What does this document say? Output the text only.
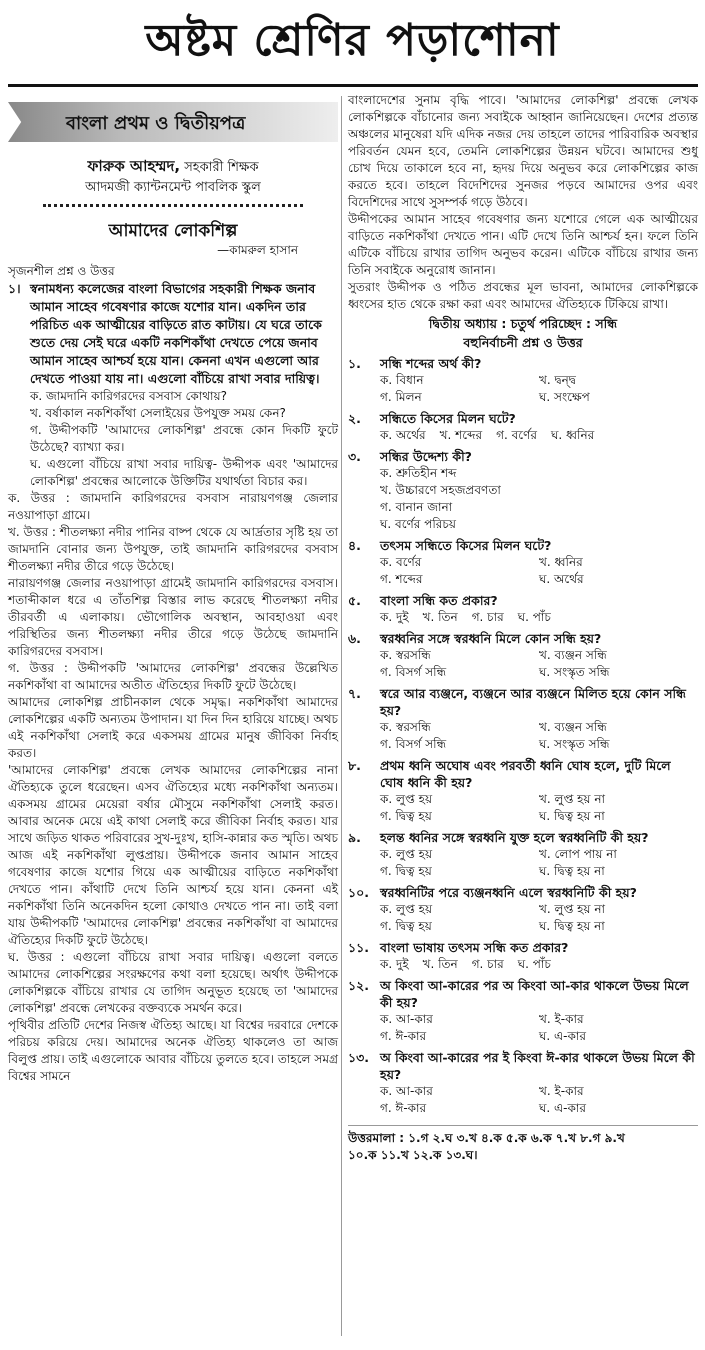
অষ্টম শ্রেণির পড়াশোনা
বাংলা প্রথম ও দ্বিতীয়পত্র
ফারুক আহম্মদ, সহকারী শিক্ষক
আদমজী ক্যান্টনমেন্ট পাবলিক স্কুল
আমাদের লোকশিল্প
—কামরুল হাসান
সৃজনশীল প্রশ্ন ও উত্তর
১। স্বনামধন্য কলেজের বাংলা বিভাগের সহকারী শিক্ষক জনাব আমান সাহেব গবেষণার কাজে যশোর যান। একদিন তার পরিচিত এক আত্মীয়ের বাড়িতে রাত কাটায়। যে ঘরে তাকে শুতে দেয় সেই ঘরে একটি নকশিকাঁথা দেখতে পেয়ে জনাব আমান সাহেব আশ্চর্য হয়ে যান। কেননা এখন এগুলো আর দেখতে পাওয়া যায় না। এগুলো বাঁচিয়ে রাখা সবার দায়িত্ব।
ক. জামদানি কারিগরদের বসবাস কোথায়?
খ. বর্ষাকাল নকশিকাঁথা সেলাইয়ের উপযুক্ত সময় কেন?
গ. উদ্দীপকটি 'আমাদের লোকশিল্প' প্রবন্ধে কোন দিকটি ফুটে উঠেছে? ব্যাখ্যা কর।
ঘ. এগুলো বাঁচিয়ে রাখা সবার দায়িত্ব- উদ্দীপক এবং 'আমাদের লোকশিল্প' প্রবন্ধের আলোকে উক্তিটির যথার্থতা বিচার কর।

ক. উত্তর : জামদানি কারিগরদের বসবাস নারায়ণগঞ্জ জেলার নওয়াপাড়া গ্রামে।

খ. উত্তর : শীতলক্ষ্যা নদীর পানির বাষ্প থেকে যে আর্দ্রতার সৃষ্টি হয় তা জামদানি বোনার জন্য উপযুক্ত, তাই জামদানি কারিগরদের বসবাস শীতলক্ষ্যা নদীর তীরে গড়ে উঠেছে।

নারায়ণগঞ্জ জেলার নওয়াপাড়া গ্রামেই জামদানি কারিগরদের বসবাস। শতাব্দীকাল ধরে এ তাঁতশিল্প বিস্তার লাভ করেছে শীতলক্ষ্যা নদীর তীরবর্তী এ এলাকায়। ভৌগোলিক অবস্থান, আবহাওয়া এবং পরিস্থিতির জন্য শীতলক্ষ্যা নদীর তীরে গড়ে উঠেছে জামদানি কারিগরদের বসবাস।

গ. উত্তর : উদ্দীপকটি 'আমাদের লোকশিল্প' প্রবন্ধের উল্লেখিত নকশিকাঁথা বা আমাদের অতীত ঐতিহ্যের দিকটি ফুটে উঠেছে।

আমাদের লোকশিল্প প্রাচীনকাল থেকে সমৃদ্ধ। নকশিকাঁথা আমাদের লোকশিল্পের একটি অন্যতম উপাদান। যা দিন দিন হারিয়ে যাচ্ছে। অথচ এই নকশিকাঁথা সেলাই করে একসময় গ্রামের মানুষ জীবিকা নির্বাহ করত।

'আমাদের লোকশিল্প' প্রবন্ধে লেখক আমাদের লোকশিল্পের নানা ঐতিহ্যকে তুলে ধরেছেন। এসব ঐতিহ্যের মধ্যে নকশিকাঁথা অন্যতম। একসময় গ্রামের মেয়েরা বর্ষার মৌসুমে নকশিকাঁথা সেলাই করত। আবার অনেক মেয়ে এই কাথা সেলাই করে জীবিকা নির্বাহ করত। যার সাথে জড়িত থাকত পরিবারের সুখ-দুঃখ, হাসি-কান্নার কত স্মৃতি। অথচ আজ এই নকশিকাঁথা লুপ্তপ্রায়। উদ্দীপকে জনাব আমান সাহেব গবেষণার কাজে যশোর গিয়ে এক আত্মীয়ের বাড়িতে নকশিকাঁথা দেখতে পান। কাঁথাটি দেখে তিনি আশ্চর্য হয়ে যান। কেননা এই নকশিকাঁথা তিনি অনেকদিন হলো কোথাও দেখতে পান না। তাই বলা যায় উদ্দীপকটি 'আমাদের লোকশিল্প' প্রবন্ধের নকশিকাঁথা বা আমাদের ঐতিহ্যের দিকটি ফুটে উঠেছে।

ঘ. উত্তর : এগুলো বাঁচিয়ে রাখা সবার দায়িত্ব। এগুলো বলতে আমাদের লোকশিল্পের সংরক্ষণের কথা বলা হয়েছে। অর্থাৎ উদ্দীপকে লোকশিল্পকে বাঁচিয়ে রাখার যে তাগিদ অনুভূত হয়েছে তা 'আমাদের লোকশিল্প' প্রবন্ধে লেখকের বক্তব্যকে সমর্থন করে।

পৃথিবীর প্রতিটি দেশের নিজস্ব ঐতিহ্য আছে। যা বিশ্বের দরবারে দেশকে পরিচয় করিয়ে দেয়। আমাদের অনেক ঐতিহ্য থাকলেও তা আজ বিলুপ্ত প্রায়। তাই এগুলোকে আবার বাঁচিয়ে তুলতে হবে। তাহলে সমগ্র বিশ্বের সামনে

বাংলাদেশের সুনাম বৃদ্ধি পাবে। 'আমাদের লোকশিল্প' প্রবন্ধে লেখক লোকশিল্পকে বাঁচানোর জন্য সবাইকে আহ্বান জানিয়েছেন। দেশের প্রত্যন্ত অঞ্চলের মানুষেরা যদি এদিক নজর দেয় তাহলে তাদের পারিবারিক অবস্থার পরিবর্তন যেমন হবে, তেমনি লোকশিল্পের উন্নয়ন ঘটবে। আমাদের শুধু চোখ দিয়ে তাকালে হবে না, হৃদয় দিয়ে অনুভব করে লোকশিল্পের কাজ করতে হবে। তাহলে বিদেশিদের সুনজর পড়বে আমাদের ওপর এবং বিদেশিদের সাথে সুসম্পর্ক গড়ে উঠবে।

উদ্দীপকের আমান সাহেব গবেষণার জন্য যশোরে গেলে এক আত্মীয়ের বাড়িতে নকশিকাঁথা দেখতে পান। এটি দেখে তিনি আশ্চর্য হন। ফলে তিনি এটিকে বাঁচিয়ে রাখার তাগিদ অনুভব করেন। এটিকে বাঁচিয়ে রাখার জন্য তিনি সবাইকে অনুরোধ জানান।

সুতরাং উদ্দীপক ও পঠিত প্রবন্ধের মূল ভাবনা, আমাদের লোকশিল্পকে ধ্বংসের হাত থেকে রক্ষা করা এবং আমাদের ঐতিহ্যকে টিকিয়ে রাখা।

দ্বিতীয় অধ্যায় : চতুর্থ পরিচ্ছেদ : সন্ধি
বহুনির্বাচনী প্রশ্ন ও উত্তর
১.	সন্ধি শব্দের অর্থ কী?
ক. বিধান	খ. দ্বন্দ্ব
গ. মিলন	ঘ. সংক্ষেপ
২.	সন্ধিতে কিসের মিলন ঘটে?
ক. অর্থের খ. শব্দের গ. বর্ণের ঘ. ধ্বনির
৩.	সন্ধির উদ্দেশ্য কী?
ক. শ্রুতিহীন শব্দ
খ. উচ্চারণে সহজপ্রবণতা
গ. বানান জানা
ঘ. বর্ণের পরিচয়
৪.	তৎসম সন্ধিতে কিসের মিলন ঘটে?
ক. বর্ণের	খ. ধ্বনির
গ. শব্দের	ঘ. অর্থের
৫.	বাংলা সন্ধি কত প্রকার?
ক. দুই খ. তিন গ. চার ঘ. পাঁচ
৬.	স্বরধ্বনির সঙ্গে স্বরধ্বনি মিলে কোন সন্ধি হয়?
ক. স্বরসন্ধি	খ. ব্যঞ্জন সন্ধি
গ. বিসর্গ সন্ধি	ঘ. সংস্কৃত সন্ধি
৭.	স্বরে আর ব্যঞ্জনে, ব্যঞ্জনে আর ব্যঞ্জনে মিলিত হয়ে কোন সন্ধি হয়?
ক. স্বরসন্ধি	খ. ব্যঞ্জন সন্ধি
গ. বিসর্গ সন্ধি	ঘ. সংস্কৃত সন্ধি
৮.	প্রথম ধ্বনি অঘোষ এবং পরবর্তী ধ্বনি ঘোষ হলে, দুটি মিলে ঘোষ ধ্বনি কী হয়?
ক. লুপ্ত হয়	খ. লুপ্ত হয় না
গ. দ্বিত্ব হয়	ঘ. দ্বিত্ব হয় না
৯.	হলন্ত ধ্বনির সঙ্গে স্বরধ্বনি যুক্ত হলে স্বরধ্বনিটি কী হয়?
ক. লুপ্ত হয়	খ. লোপ পায় না
গ. দ্বিত্ব হয়	ঘ. দ্বিত্ব হয় না
১০. স্বরধ্বনিটির পরে ব্যঞ্জনধ্বনি এলে স্বরধ্বনিটি কী হয়?
ক. লুপ্ত হয়	খ. লুপ্ত হয় না
গ. দ্বিত্ব হয়	ঘ. দ্বিত্ব হয় না
১১. বাংলা ভাষায় তৎসম সন্ধি কত প্রকার?
ক. দুই খ. তিন গ. চার ঘ. পাঁচ
১২. অ কিংবা আ-কারের পর অ কিংবা আ-কার থাকলে উভয় মিলে কী হয়?
ক. আ-কার	খ. ই-কার
গ. ঈ-কার	ঘ. এ-কার
১৩. অ কিংবা আ-কারের পর ই কিংবা ঈ-কার থাকলে উভয় মিলে কী হয়?
ক. আ-কার	খ. ই-কার
গ. ঈ-কার	ঘ. এ-কার
উত্তরমালা : ১.গ ২.ঘ ৩.খ ৪.ক ৫.ক ৬.ক ৭.খ ৮.গ ৯.খ
১০.ক ১১.খ ১২.ক ১৩.ঘ।
